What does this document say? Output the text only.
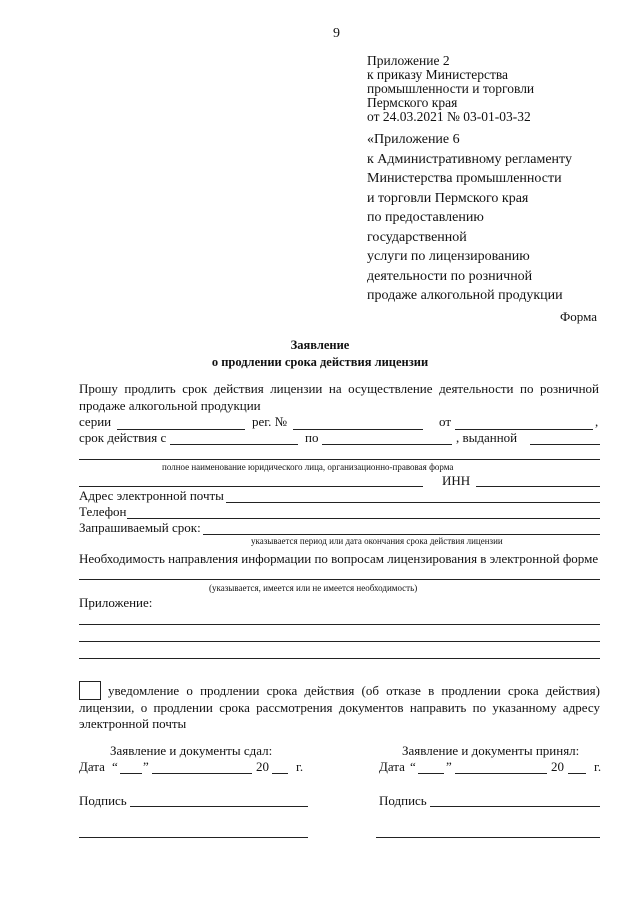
9
Приложение 2
к приказу Министерства
промышленности и торговли
Пермского края
от 24.03.2021 № 03-01-03-32
«Приложение 6
к Административному регламенту
Министерства промышленности
и торговли Пермского края
по предоставлению
государственной
услуги по лицензированию
деятельности по розничной
продаже алкогольной продукции
Форма
Заявление
о продлении срока действия лицензии
Прошу продлить срок действия лицензии на осуществление деятельности по розничной
продаже алкогольной продукции
серии	рег. №	от	,
срок действия с	по	, выданной
полное наименование юридического лица, организационно-правовая форма
ИНН
Адрес электронной почты
Телефон
Запрашиваемый срок:
указывается период или дата окончания срока действия лицензии
Необходимость направления информации по вопросам лицензирования в электронной форме
(указывается, имеется или не имеется необходимость)
Приложение:
уведомление о продлении срока действия (об отказе в продлении срока действия)
лицензии, о продлении срока рассмотрения документов направить по указанному адресу
электронной почты
Заявление и документы сдал:
Дата “ ”	20 г.
Подпись
Заявление и документы принял:
Дата “ ”	20 г.
Подпись
